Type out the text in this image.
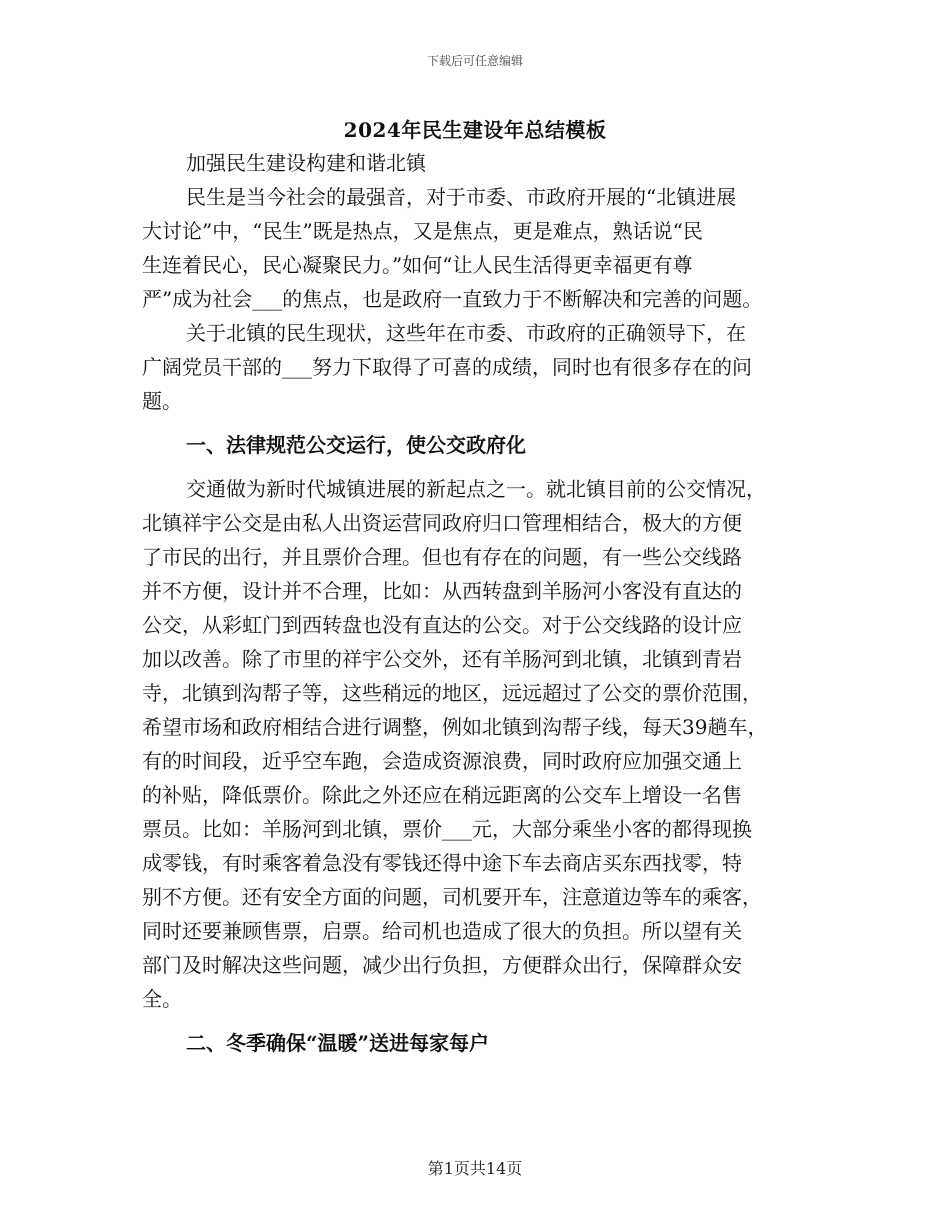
下载后可任意编辑
2024年民生建设年总结模板
加强民生建设构建和谐北镇
民生是当今社会的最强音，对于市委、市政府开展的“北镇进展
大讨论”中，“民生”既是热点，又是焦点，更是难点，熟话说“民
生连着民心，民心凝聚民力。”如何“让人民生活得更幸福更有尊
严”成为社会___的焦点，也是政府一直致力于不断解决和完善的问题。
关于北镇的民生现状，这些年在市委、市政府的正确领导下，在
广阔党员干部的___努力下取得了可喜的成绩，同时也有很多存在的问
题。
一、法律规范公交运行，使公交政府化
交通做为新时代城镇进展的新起点之一。就北镇目前的公交情况，
北镇祥宇公交是由私人出资运营同政府归口管理相结合，极大的方便
了市民的出行，并且票价合理。但也有存在的问题，有一些公交线路
并不方便，设计并不合理，比如：从西转盘到羊肠河小客没有直达的
公交，从彩虹门到西转盘也没有直达的公交。对于公交线路的设计应
加以改善。除了市里的祥宇公交外，还有羊肠河到北镇，北镇到青岩
寺，北镇到沟帮子等，这些稍远的地区，远远超过了公交的票价范围，
希望市场和政府相结合进行调整，例如北镇到沟帮子线，每天39趟车，
有的时间段，近乎空车跑，会造成资源浪费，同时政府应加强交通上
的补贴，降低票价。除此之外还应在稍远距离的公交车上增设一名售
票员。比如：羊肠河到北镇，票价___元，大部分乘坐小客的都得现换
成零钱，有时乘客着急没有零钱还得中途下车去商店买东西找零，特
别不方便。还有安全方面的问题，司机要开车，注意道边等车的乘客，
同时还要兼顾售票，启票。给司机也造成了很大的负担。所以望有关
部门及时解决这些问题，减少出行负担，方便群众出行，保障群众安
全。
二、冬季确保“温暖”送进每家每户
第1页共14页
